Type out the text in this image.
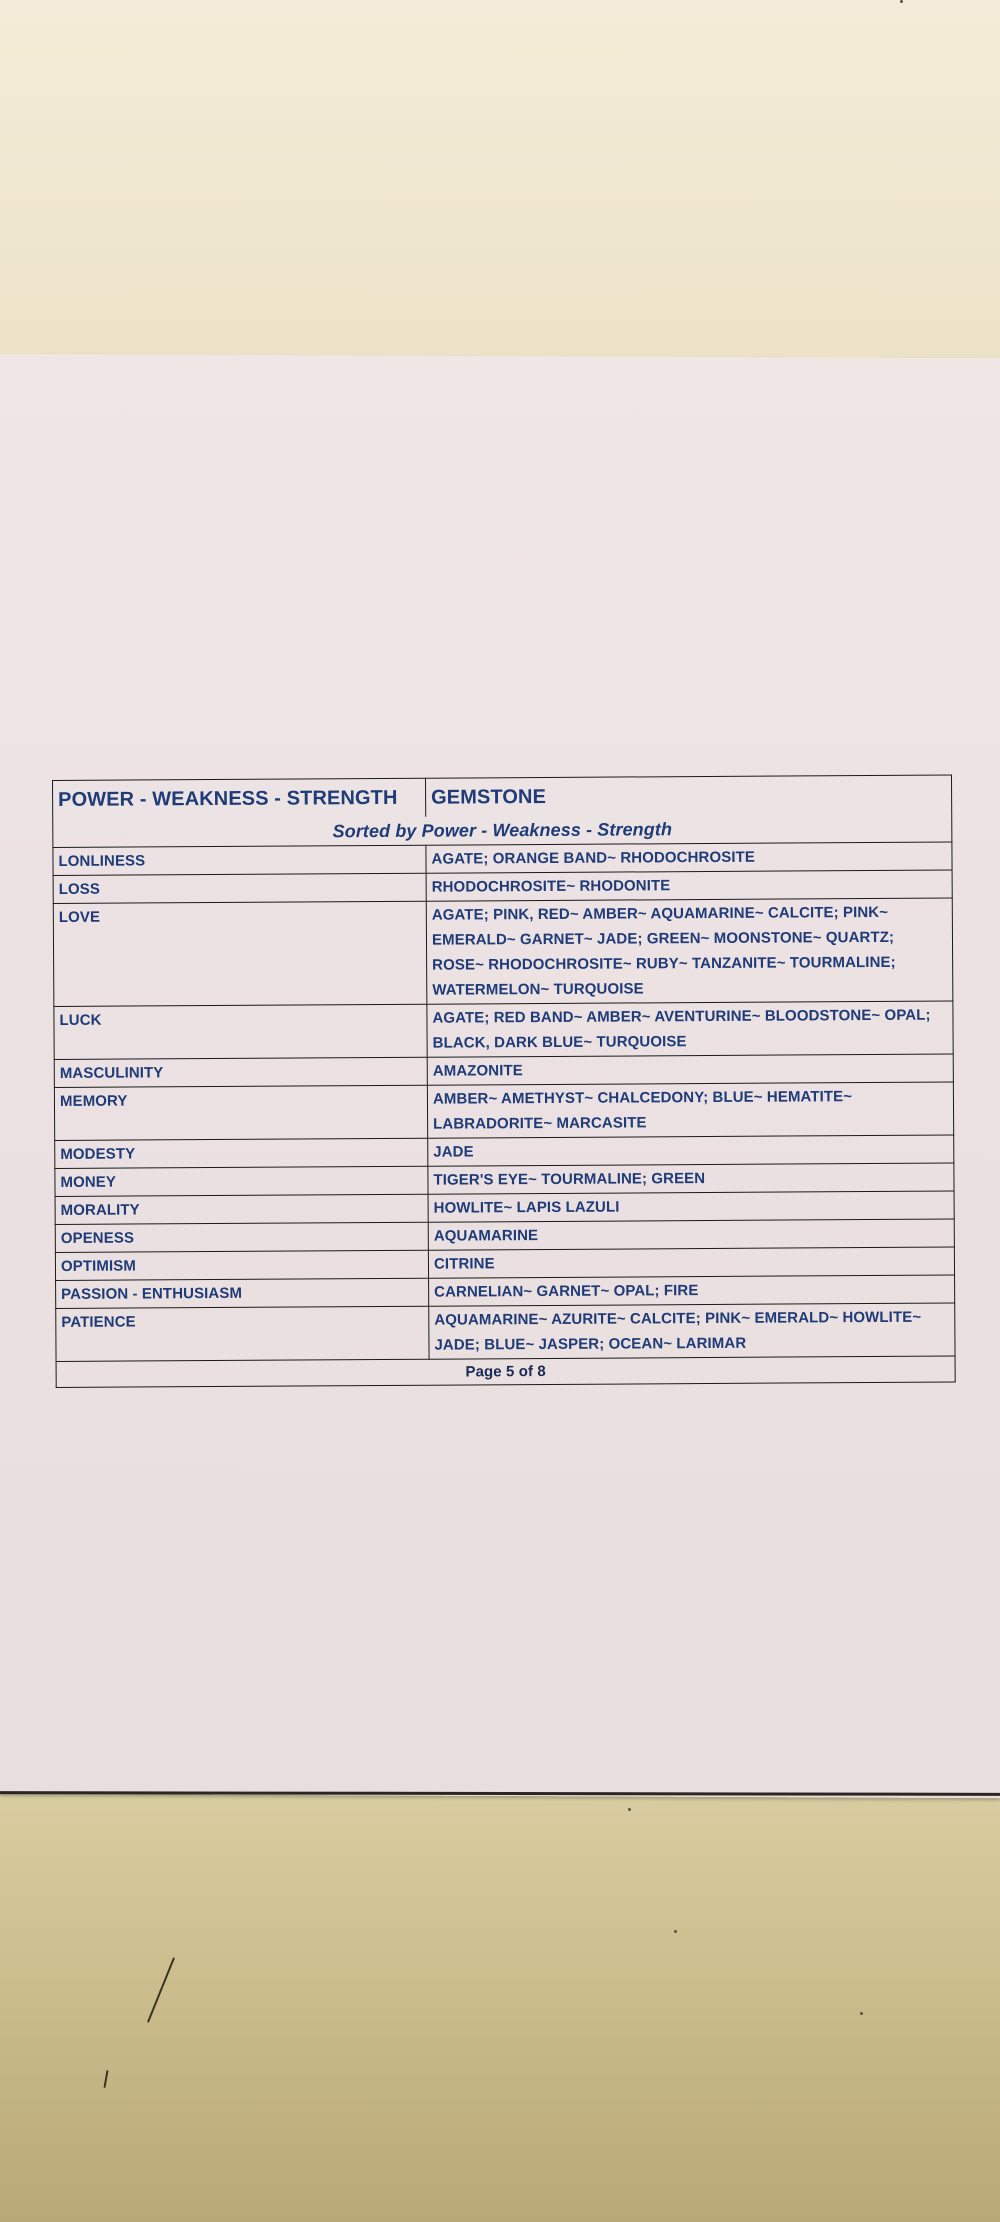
POWER - WEAKNESS - STRENGTH	GEMSTONE
Sorted by Power - Weakness - Strength	
LONLINESS	AGATE; ORANGE BAND~ RHODOCHROSITE
LOSS	RHODOCHROSITE~ RHODONITE
LOVE	AGATE; PINK, RED~ AMBER~ AQUAMARINE~ CALCITE; PINK~ EMERALD~ GARNET~ JADE; GREEN~ MOONSTONE~ QUARTZ; ROSE~ RHODOCHROSITE~ RUBY~ TANZANITE~ TOURMALINE; WATERMELON~ TURQUOISE
LUCK	AGATE; RED BAND~ AMBER~ AVENTURINE~ BLOODSTONE~ OPAL; BLACK, DARK BLUE~ TURQUOISE
MASCULINITY	AMAZONITE
MEMORY	AMBER~ AMETHYST~ CHALCEDONY; BLUE~ HEMATITE~ LABRADORITE~ MARCASITE
MODESTY	JADE
MONEY	TIGER'S EYE~ TOURMALINE; GREEN
MORALITY	HOWLITE~ LAPIS LAZULI
OPENESS	AQUAMARINE
OPTIMISM	CITRINE
PASSION - ENTHUSIASM	CARNELIAN~ GARNET~ OPAL; FIRE
PATIENCE	AQUAMARINE~ AZURITE~ CALCITE; PINK~ EMERALD~ HOWLITE~ JADE; BLUE~ JASPER; OCEAN~ LARIMAR
Page 5 of 8	
